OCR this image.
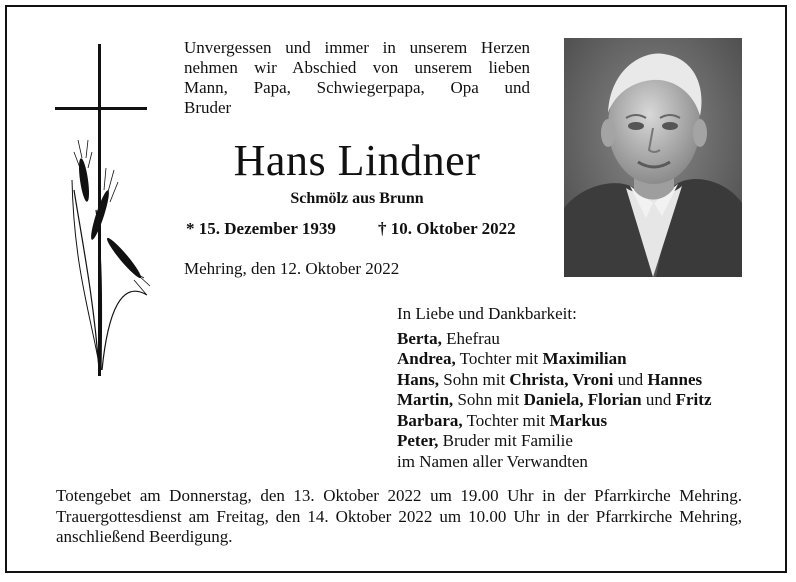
Unvergessen und immer in unserem Herzen
nehmen wir Abschied von unserem lieben
Mann, Papa, Schwiegerpapa, Opa und
Bruder
Hans Lindner
Schmölz aus Brunn
* 15. Dezember 1939 † 10. Oktober 2022
Mehring, den 12. Oktober 2022
In Liebe und Dankbarkeit:
Berta, Ehefrau
Andrea, Tochter mit Maximilian
Hans, Sohn mit Christa, Vroni und Hannes
Martin, Sohn mit Daniela, Florian und Fritz
Barbara, Tochter mit Markus
Peter, Bruder mit Familie
im Namen aller Verwandten
Totengebet am Donnerstag, den 13. Oktober 2022 um 19.00 Uhr in der Pfarrkirche Mehring. Trauergottesdienst am Freitag, den 14. Oktober 2022 um 10.00 Uhr in der Pfarrkirche Mehring, anschließend Beerdigung.
